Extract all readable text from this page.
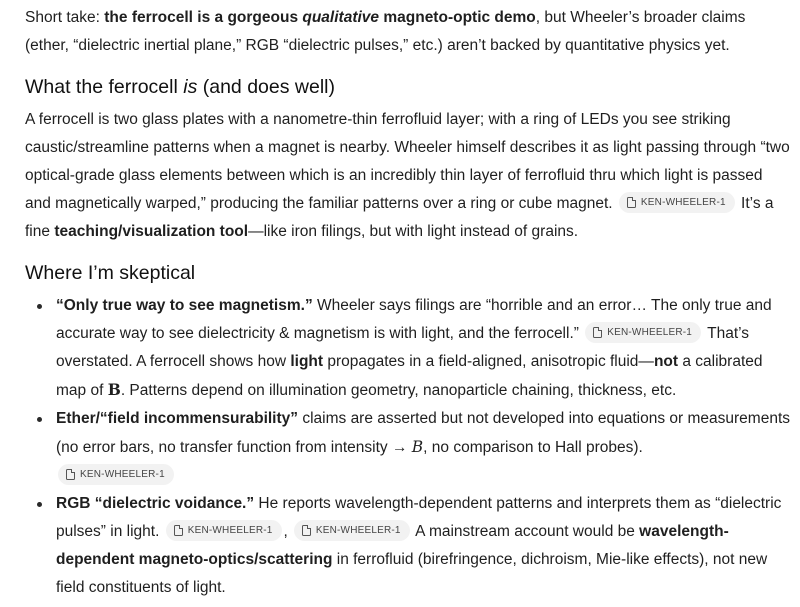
Short take: the ferrocell is a gorgeous qualitative magneto-optic demo, but Wheeler’s broader claims (ether, “dielectric inertial plane,” RGB “dielectric pulses,” etc.) aren’t backed by quantitative physics yet.

What the ferrocell is (and does well)

A ferrocell is two glass plates with a nanometre-thin ferrofluid layer; with a ring of LEDs you see striking caustic/streamline patterns when a magnet is nearby. Wheeler himself describes it as light passing through “two optical-grade glass elements between which is an incredibly thin layer of ferrofluid thru which light is passed and magnetically warped,” producing the familiar patterns over a ring or cube magnet.	KEN-WHEELER-1 It’s a fine teaching/visualization tool—like iron filings, but with light instead of grains.

Where I’m skeptical
“Only true way to see magnetism.” Wheeler says filings are “horrible and an error… The only true and accurate way to see dielectricity & magnetism is with light, and the ferrocell.”	KEN-WHEELER-1 That’s overstated. A ferrocell shows how light propagates in a field-aligned, anisotropic fluid—not a calibrated map of B. Patterns depend on illumination geometry, nanoparticle chaining, thickness, etc.
Ether/“field incommensurability” claims are asserted but not developed into equations or measurements (no error bars, no transfer function from intensity → B, no comparison to Hall probes).

KEN-WHEELER-1
RGB “dielectric voidance.” He reports wavelength-dependent patterns and interprets them as “dielectric pulses” in light.	KEN-WHEELER-1 ,	KEN-WHEELER-1 A mainstream account would be wavelength-dependent magneto-optics/scattering in ferrofluid (birefringence, dichroism, Mie-like effects), not new field constituents of light.
